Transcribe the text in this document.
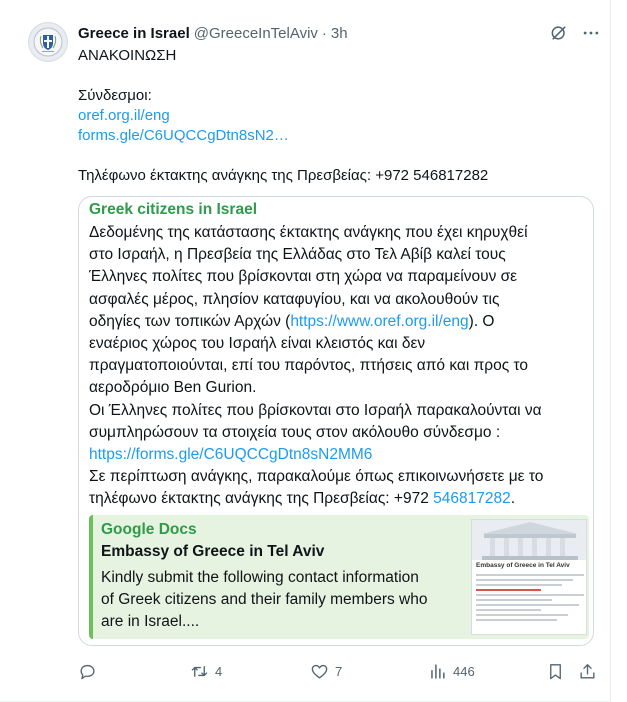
Greece in Israel @GreeceInTelAviv · 3h
ΑΝΑΚΟΙΝΩΣΗ
Σύνδεσμοι:
oref.org.il/eng
forms.gle/C6UQCCgDtn8sN2…
Τηλέφωνο έκτακτης ανάγκης της Πρεσβείας: +972 546817282
Greek citizens in Israel
Δεδομένης της κατάστασης έκτακτης ανάγκης που έχει κηρυχθεί
στο Ισραήλ, η Πρεσβεία της Ελλάδας στο Τελ Αβίβ καλεί τους
Έλληνες πολίτες που βρίσκονται στη χώρα να παραμείνουν σε
ασφαλές μέρος, πλησίον καταφυγίου, και να ακολουθούν τις
οδηγίες των τοπικών Αρχών (https://www.oref.org.il/eng). Ο
εναέριος χώρος του Ισραήλ είναι κλειστός και δεν
πραγματοποιούνται, επί του παρόντος, πτήσεις από και προς το
αεροδρόμιο Ben Gurion.
Οι Έλληνες πολίτες που βρίσκονται στο Ισραήλ παρακαλούνται να
συμπληρώσουν τα στοιχεία τους στον ακόλουθο σύνδεσμο :
https://forms.gle/C6UQCCgDtn8sN2MM6
Σε περίπτωση ανάγκης, παρακαλούμε όπως επικοινωνήσετε με το
τηλέφωνο έκτακτης ανάγκης της Πρεσβείας: +972 546817282.
Google Docs
Embassy of Greece in Tel Aviv
Kindly submit the following contact information
of Greek citizens and their family members who
are in Israel....
Embassy of Greece in Tel Aviv
4	7	446
